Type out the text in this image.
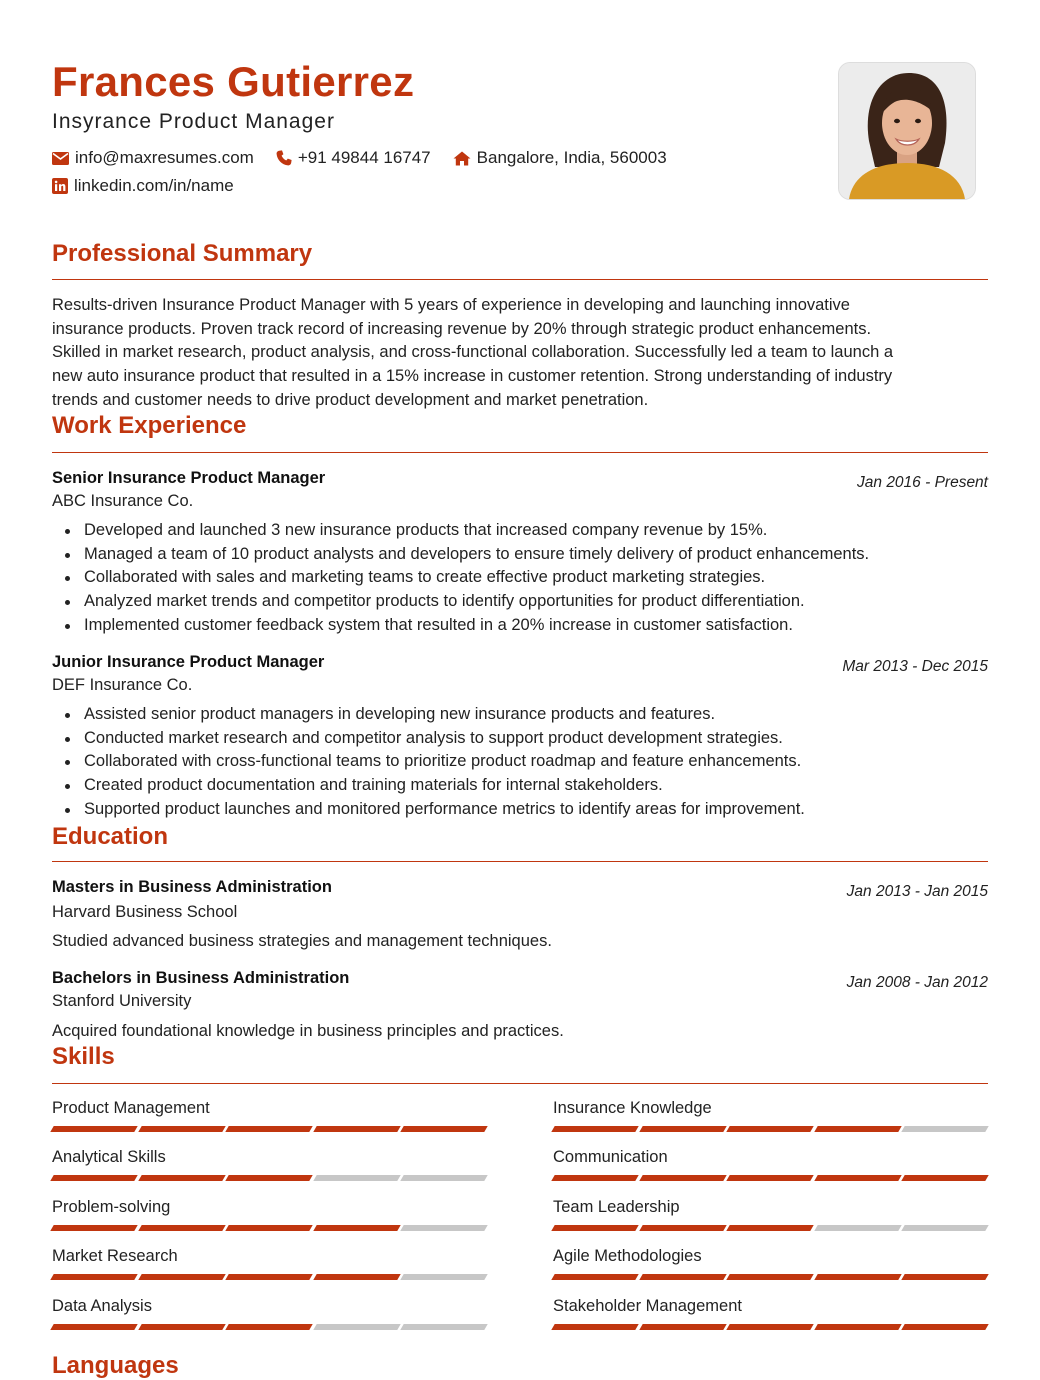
Frances Gutierrez
Insyrance Product Manager
info@maxresumes.com	+91 49844 16747	Bangalore, India, 560003
linkedin.com/in/name
Professional Summary
Results-driven Insurance Product Manager with 5 years of experience in developing and launching innovative
insurance products. Proven track record of increasing revenue by 20% through strategic product enhancements.
Skilled in market research, product analysis, and cross-functional collaboration. Successfully led a team to launch a
new auto insurance product that resulted in a 15% increase in customer retention. Strong understanding of industry
trends and customer needs to drive product development and market penetration.
Work Experience
Senior Insurance Product Manager	Jan 2016 - Present
ABC Insurance Co.
Developed and launched 3 new insurance products that increased company revenue by 15%.
Managed a team of 10 product analysts and developers to ensure timely delivery of product enhancements.
Collaborated with sales and marketing teams to create effective product marketing strategies.
Analyzed market trends and competitor products to identify opportunities for product differentiation.
Implemented customer feedback system that resulted in a 20% increase in customer satisfaction.
Junior Insurance Product Manager	Mar 2013 - Dec 2015
DEF Insurance Co.
Assisted senior product managers in developing new insurance products and features.
Conducted market research and competitor analysis to support product development strategies.
Collaborated with cross-functional teams to prioritize product roadmap and feature enhancements.
Created product documentation and training materials for internal stakeholders.
Supported product launches and monitored performance metrics to identify areas for improvement.
Education
Masters in Business Administration	Jan 2013 - Jan 2015
Harvard Business School
Studied advanced business strategies and management techniques.
Bachelors in Business Administration	Jan 2008 - Jan 2012
Stanford University
Acquired foundational knowledge in business principles and practices.
Skills
Product Management	Insurance Knowledge
Analytical Skills	Communication
Problem-solving	Team Leadership
Market Research	Agile Methodologies
Data Analysis	Stakeholder Management
Languages
